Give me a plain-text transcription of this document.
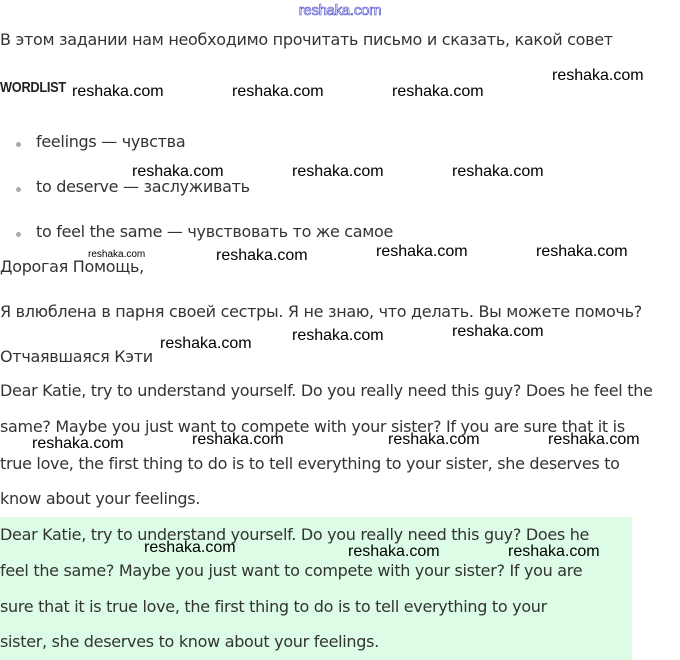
reshaka.com
В этом задании нам необходимо прочитать письмо и сказать, какой совет
WORDLIST
feelings — чувства
to deserve — заслуживать
to feel the same — чувствовать то же самое
Дорогая Помощь,
Я влюблена в парня своей сестры. Я не знаю, что делать. Вы можете помочь?
Отчаявшаяся Кэти
Dear Katie, try to understand yourself. Do you really need this guy? Does he feel the
same? Maybe you just want to compete with your sister? If you are sure that it is
true love, the first thing to do is to tell everything to your sister, she deserves to
know about your feelings.
Dear Katie, try to understand yourself. Do you really need this guy? Does he
feel the same? Maybe you just want to compete with your sister? If you are
sure that it is true love, the first thing to do is to tell everything to your
sister, she deserves to know about your feelings.
reshaka.com	reshaka.com	reshaka.com
reshaka.com
reshaka.com	reshaka.com	reshaka.com
reshaka.com	reshaka.com	reshaka.com	reshaka.com
reshaka.com	reshaka.com	reshaka.com
reshaka.com	reshaka.com	reshaka.com	reshaka.com
reshaka.com	reshaka.com	reshaka.com
